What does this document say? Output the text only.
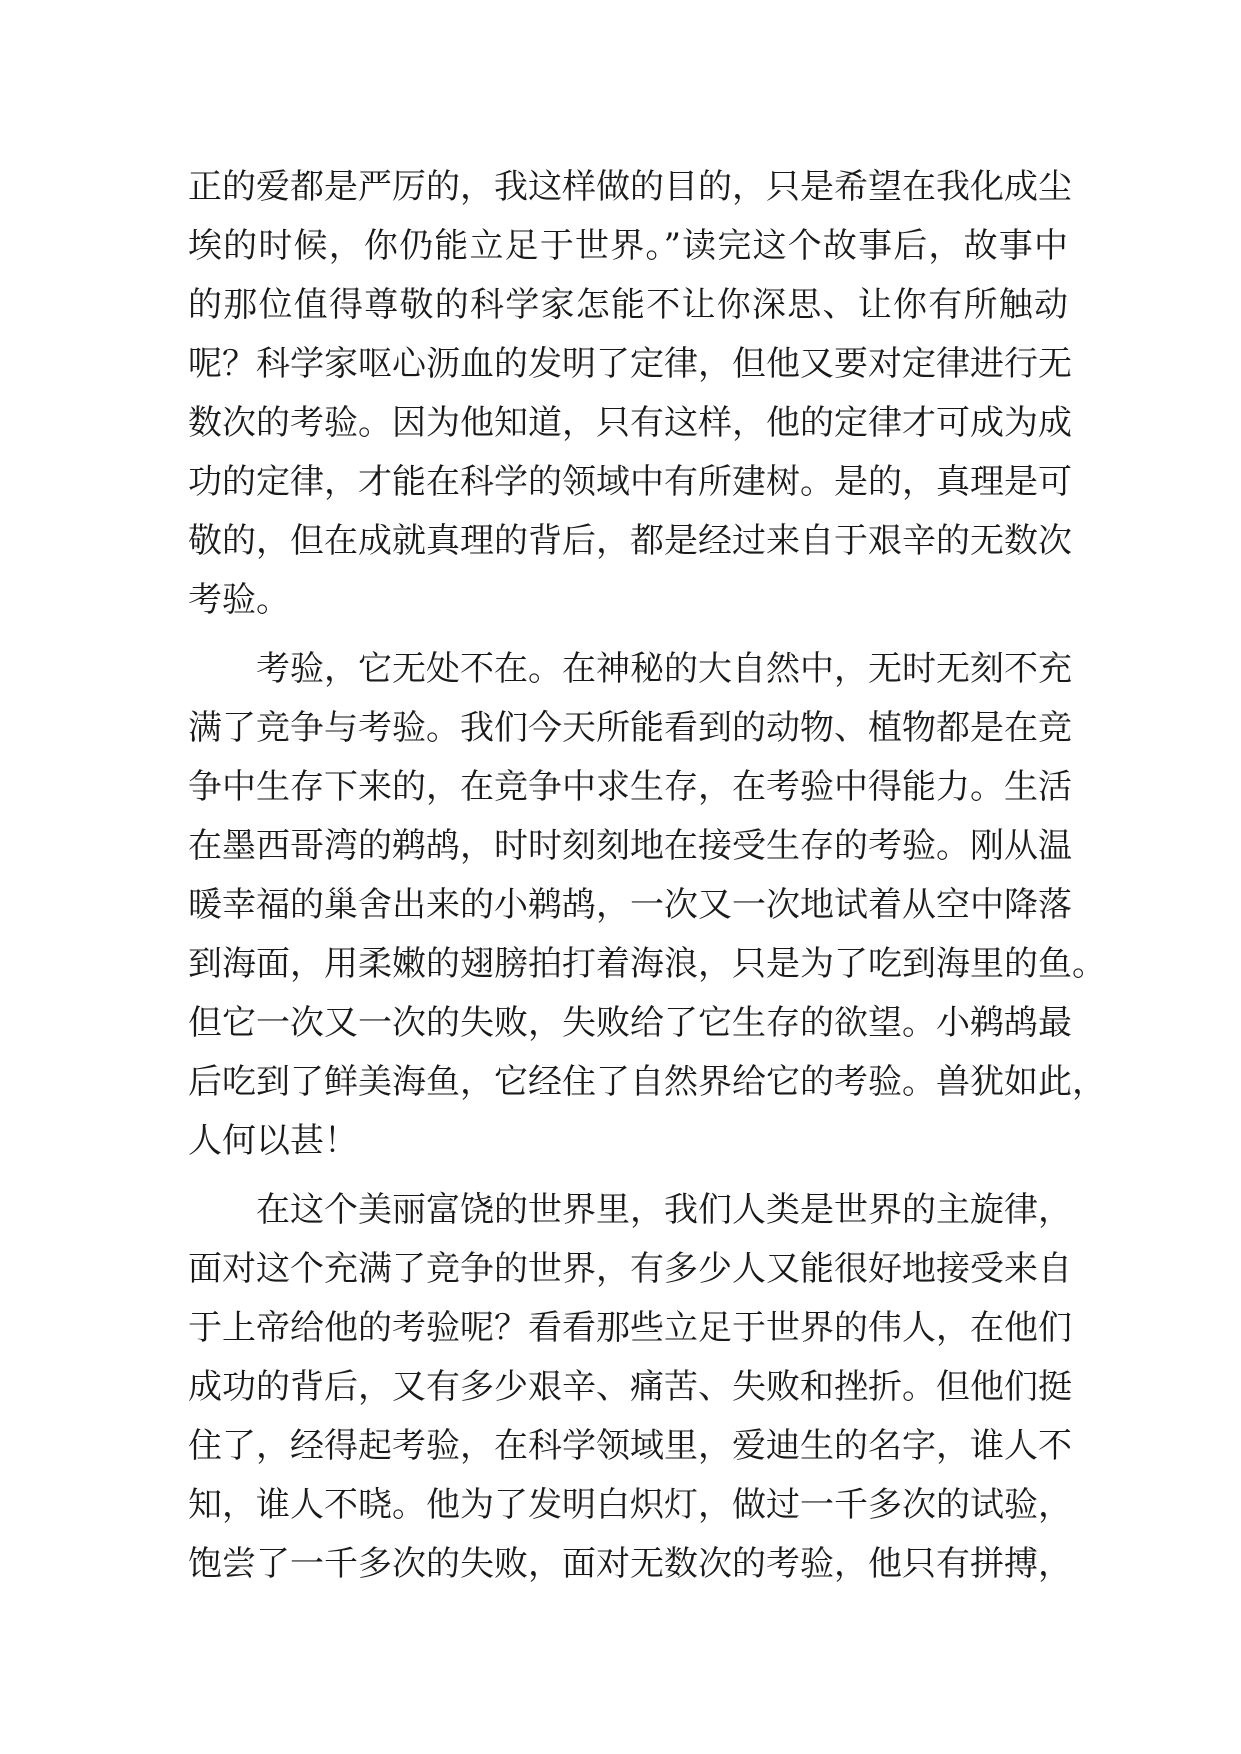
正的爱都是严厉的，我这样做的目的，只是希望在我化成尘
埃的时候，你仍能立足于世界。”读完这个故事后，故事中
的那位值得尊敬的科学家怎能不让你深思、让你有所触动
呢？科学家呕心沥血的发明了定律，但他又要对定律进行无
数次的考验。因为他知道，只有这样，他的定律才可成为成
功的定律，才能在科学的领域中有所建树。是的，真理是可
敬的，但在成就真理的背后，都是经过来自于艰辛的无数次
考验。
考验，它无处不在。在神秘的大自然中，无时无刻不充
满了竞争与考验。我们今天所能看到的动物、植物都是在竞
争中生存下来的，在竞争中求生存，在考验中得能力。生活
在墨西哥湾的鹈鸪，时时刻刻地在接受生存的考验。刚从温
暖幸福的巢舍出来的小鹈鸪，一次又一次地试着从空中降落
到海面，用柔嫩的翅膀拍打着海浪，只是为了吃到海里的鱼。
但它一次又一次的失败，失败给了它生存的欲望。小鹈鸪最
后吃到了鲜美海鱼，它经住了自然界给它的考验。兽犹如此，
人何以甚！
在这个美丽富饶的世界里，我们人类是世界的主旋律，
面对这个充满了竞争的世界，有多少人又能很好地接受来自
于上帝给他的考验呢？看看那些立足于世界的伟人，在他们
成功的背后，又有多少艰辛、痛苦、失败和挫折。但他们挺
住了，经得起考验，在科学领域里，爱迪生的名字，谁人不
知，谁人不晓。他为了发明白炽灯，做过一千多次的试验，
饱尝了一千多次的失败，面对无数次的考验，他只有拼搏，
